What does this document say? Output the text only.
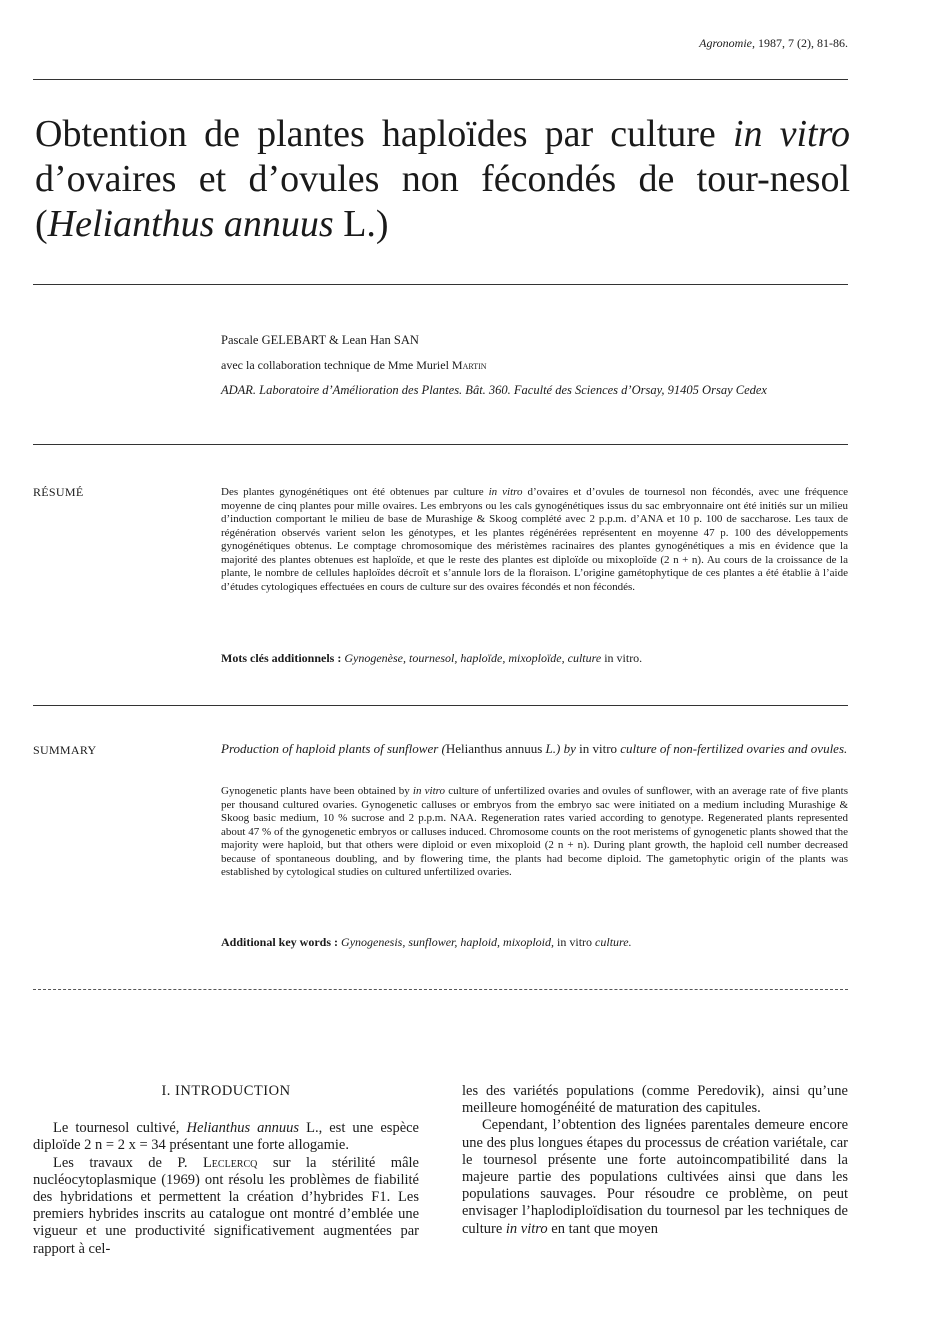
Agronomie, 1987, 7 (2), 81-86.
Obtention de plantes haploïdes par culture in vitro d’ovaires et d’ovules non fécondés de tour-nesol (Helianthus annuus L.)
Pascale GELEBART & Lean Han SAN
avec la collaboration technique de Mme Muriel Martin
ADAR. Laboratoire d’Amélioration des Plantes. Bât. 360. Faculté des Sciences d’Orsay, 91405 Orsay Cedex
RÉSUMÉ	Des plantes gynogénétiques ont été obtenues par culture in vitro d’ovaires et d’ovules de tournesol non fécondés, avec une fréquence moyenne de cinq plantes pour mille ovaires. Les embryons ou les cals gynogénétiques issus du sac embryonnaire ont été initiés sur un milieu d’induction comportant le milieu de base de Murashige & Skoog complété avec 2 p.p.m. d’ANA et 10 p. 100 de saccharose. Les taux de régénération observés varient selon les génotypes, et les plantes régénérées représentent en moyenne 47 p. 100 des développements gynogénétiques obtenus. Le comptage chromosomique des méristèmes racinaires des plantes gynogénétiques a mis en évidence que la majorité des plantes obtenues est haploïde, et que le reste des plantes est diploïde ou mixoploïde (2 n + n). Au cours de la croissance de la plante, le nombre de cellules haploïdes décroît et s’annule lors de la floraison. L’origine gamétophytique de ces plantes a été établie à l’aide d’études cytologiques effectuées en cours de culture sur des ovaires fécondés et non fécondés.
Mots clés additionnels : Gynogenèse, tournesol, haploïde, mixoploïde, culture in vitro.
SUMMARY	Production of haploid plants of sunflower (Helianthus annuus L.) by in vitro culture of non-fertilized ovaries and ovules.
Gynogenetic plants have been obtained by in vitro culture of unfertilized ovaries and ovules of sunflower, with an average rate of five plants per thousand cultured ovaries. Gynogenetic calluses or embryos from the embryo sac were initiated on a medium including Murashige & Skoog basic medium, 10 % sucrose and 2 p.p.m. NAA. Regeneration rates varied according to genotype. Regenerated plants represented about 47 % of the gynogenetic embryos or calluses induced. Chromosome counts on the root meristems of gynogenetic plants showed that the majority were haploid, but that others were diploid or even mixoploid (2 n + n). During plant growth, the haploid cell number decreased because of spontaneous doubling, and by flowering time, the plants had become diploid. The gametophytic origin of the plants was established by cytological studies on cultured unfertilized ovaries.
Additional key words : Gynogenesis, sunflower, haploid, mixoploid, in vitro culture.
I. INTRODUCTION

Le tournesol cultivé, Helianthus annuus L., est une espèce diploïde 2 n = 2 x = 34 présentant une forte allogamie.

Les travaux de P. Leclercq sur la stérilité mâle nucléocytoplasmique (1969) ont résolu les problèmes de fiabilité des hybridations et permettent la création d’hybrides F1. Les premiers hybrides inscrits au catalogue ont montré d’emblée une vigueur et une productivité significativement augmentées par rapport à cel-

les des variétés populations (comme Peredovik), ainsi qu’une meilleure homogénéité de maturation des capitules.

Cependant, l’obtention des lignées parentales demeure encore une des plus longues étapes du processus de création variétale, car le tournesol présente une forte autoincompatibilité dans la majeure partie des populations cultivées ainsi que dans les populations sauvages. Pour résoudre ce problème, on peut envisager l’haplodiploïdisation du tournesol par les techniques de culture in vitro en tant que moyen
